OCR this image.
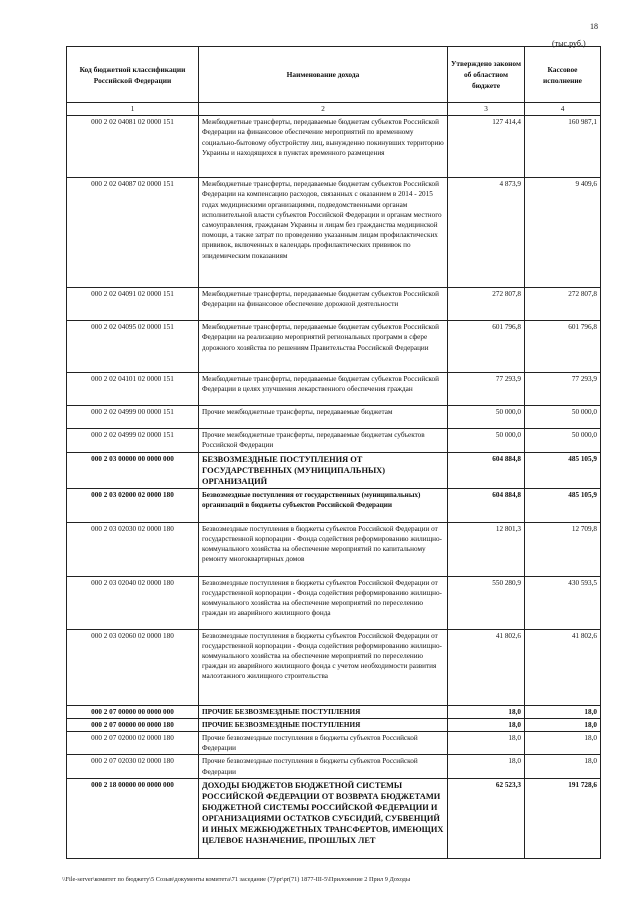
18
(тыс.руб.)
Код бюджетной классификации Российской Федерации	Наименование дохода	Утверждено законом об областном бюджете	Кассовое исполнение
1	2	3	4
000 2 02 04081 02 0000 151	Межбюджетные трансферты, передаваемые бюджетам субъектов Российской Федерации на финансовое обеспечение мероприятий по временному социально-бытовому обустройству лиц, вынужденно покинувших территорию Украины и находящихся в пунктах временного размещения	127 414,4	160 987,1
000 2 02 04087 02 0000 151	Межбюджетные трансферты, передаваемые бюджетам субъектов Российской Федерации на компенсацию расходов, связанных с оказанием в 2014 - 2015 годах медицинскими организациями, подведомственными органам исполнительной власти субъектов Российской Федерации и органам местного самоуправления, гражданам Украины и лицам без гражданства медицинской помощи, а также затрат по проведению указанным лицам профилактических прививок, включенных в календарь профилактических прививок по эпидемическим показаниям	4 873,9	9 409,6
000 2 02 04091 02 0000 151	Межбюджетные трансферты, передаваемые бюджетам субъектов Российской Федерации на финансовое обеспечение дорожной деятельности	272 807,8	272 807,8
000 2 02 04095 02 0000 151	Межбюджетные трансферты, передаваемые бюджетам субъектов Российской Федерации на реализацию мероприятий региональных программ в сфере дорожного хозяйства по решениям Правительства Российской Федерации	601 796,8	601 796,8
000 2 02 04101 02 0000 151	Межбюджетные трансферты, передаваемые бюджетам субъектов Российской Федерации в целях улучшения лекарственного обеспечения граждан	77 293,9	77 293,9
000 2 02 04999 00 0000 151	Прочие межбюджетные трансферты, передаваемые бюджетам	50 000,0	50 000,0
000 2 02 04999 02 0000 151	Прочие межбюджетные трансферты, передаваемые бюджетам субъектов Российской Федерации	50 000,0	50 000,0
000 2 03 00000 00 0000 000	БЕЗВОЗМЕЗДНЫЕ ПОСТУПЛЕНИЯ ОТ ГОСУДАРСТВЕННЫХ (МУНИЦИПАЛЬНЫХ) ОРГАНИЗАЦИЙ	604 884,8	485 105,9
000 2 03 02000 02 0000 180	Безвозмездные поступления от государственных (муниципальных) организаций в бюджеты субъектов Российской Федерации	604 884,8	485 105,9
000 2 03 02030 02 0000 180	Безвозмездные поступления в бюджеты субъектов Российской Федерации от государственной корпорации - Фонда содействия реформированию жилищно-коммунального хозяйства на обеспечение мероприятий по капитальному ремонту многоквартирных домов	12 801,3	12 709,8
000 2 03 02040 02 0000 180	Безвозмездные поступления в бюджеты субъектов Российской Федерации от государственной корпорации - Фонда содействия реформированию жилищно-коммунального хозяйства на обеспечение мероприятий по переселению граждан из аварийного жилищного фонда	550 280,9	430 593,5
000 2 03 02060 02 0000 180	Безвозмездные поступления в бюджеты субъектов Российской Федерации от государственной корпорации - Фонда содействия реформированию жилищно-коммунального хозяйства на обеспечение мероприятий по переселению граждан из аварийного жилищного фонда с учетом необходимости развития малоэтажного жилищного строительства	41 802,6	41 802,6
000 2 07 00000 00 0000 000	ПРОЧИЕ БЕЗВОЗМЕЗДНЫЕ ПОСТУПЛЕНИЯ	18,0	18,0
000 2 07 00000 00 0000 180	ПРОЧИЕ БЕЗВОЗМЕЗДНЫЕ ПОСТУПЛЕНИЯ	18,0	18,0
000 2 07 02000 02 0000 180	Прочие безвозмездные поступления в бюджеты субъектов Российской Федерации	18,0	18,0
000 2 07 02030 02 0000 180	Прочие безвозмездные поступления в бюджеты субъектов Российской Федерации	18,0	18,0
000 2 18 00000 00 0000 000	ДОХОДЫ БЮДЖЕТОВ БЮДЖЕТНОЙ СИСТЕМЫ РОССИЙСКОЙ ФЕДЕРАЦИИ ОТ ВОЗВРАТА БЮДЖЕТАМИ БЮДЖЕТНОЙ СИСТЕМЫ РОССИЙСКОЙ ФЕДЕРАЦИИ И ОРГАНИЗАЦИЯМИ ОСТАТКОВ СУБСИДИЙ, СУБВЕНЦИЙ И ИНЫХ МЕЖБЮДЖЕТНЫХ ТРАНСФЕРТОВ, ИМЕЮЩИХ ЦЕЛЕВОЕ НАЗНАЧЕНИЕ, ПРОШЛЫХ ЛЕТ	62 523,3	191 728,6
\\File-server\комитет по бюджету\5 Созыв\документы комитета\71 заседание (7)\pr\pr(71) 1877-III-5\Приложение 2 Прил 9 Доходы
